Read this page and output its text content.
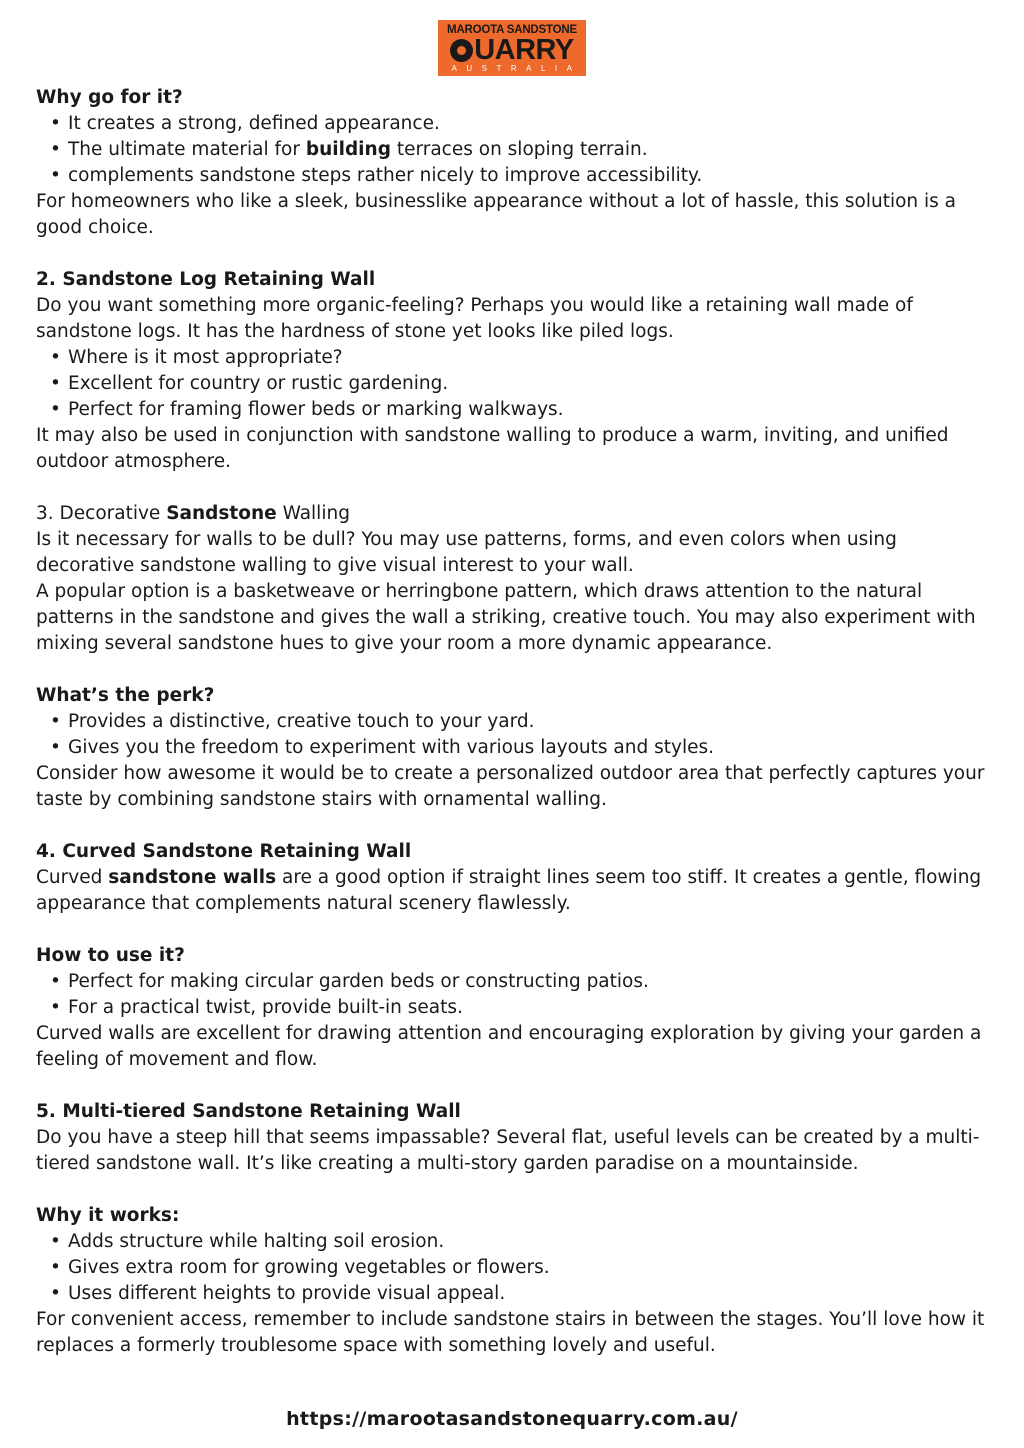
MAROOTA SANDSTONE
UARRY
AUSTRALIA

Why go for it?

• It creates a strong, defined appearance.
• The ultimate material for building terraces on sloping terrain.
• complements sandstone steps rather nicely to improve accessibility.

For homeowners who like a sleek, businesslike appearance without a lot of hassle, this solution is a good choice.

2. Sandstone Log Retaining Wall

Do you want something more organic-feeling? Perhaps you would like a retaining wall made of sandstone logs. It has the hardness of stone yet looks like piled logs.

• Where is it most appropriate?
• Excellent for country or rustic gardening.
• Perfect for framing flower beds or marking walkways.

It may also be used in conjunction with sandstone walling to produce a warm, inviting, and unified outdoor atmosphere.

3. Decorative Sandstone Walling

Is it necessary for walls to be dull? You may use patterns, forms, and even colors when using decorative sandstone walling to give visual interest to your wall.

A popular option is a basketweave or herringbone pattern, which draws attention to the natural patterns in the sandstone and gives the wall a striking, creative touch. You may also experiment with mixing several sandstone hues to give your room a more dynamic appearance.

What’s the perk?

• Provides a distinctive, creative touch to your yard.
• Gives you the freedom to experiment with various layouts and styles.

Consider how awesome it would be to create a personalized outdoor area that perfectly captures your taste by combining sandstone stairs with ornamental walling.

4. Curved Sandstone Retaining Wall

Curved sandstone walls are a good option if straight lines seem too stiff. It creates a gentle, flowing appearance that complements natural scenery flawlessly.

How to use it?

• Perfect for making circular garden beds or constructing patios.
• For a practical twist, provide built-in seats.

Curved walls are excellent for drawing attention and encouraging exploration by giving your garden a feeling of movement and flow.

5. Multi-tiered Sandstone Retaining Wall

Do you have a steep hill that seems impassable? Several flat, useful levels can be created by a multi-tiered sandstone wall. It’s like creating a multi-story garden paradise on a mountainside.

Why it works:

• Adds structure while halting soil erosion.
• Gives extra room for growing vegetables or flowers.
• Uses different heights to provide visual appeal.

For convenient access, remember to include sandstone stairs in between the stages. You’ll love how it replaces a formerly troublesome space with something lovely and useful.

https://marootasandstonequarry.com.au/
